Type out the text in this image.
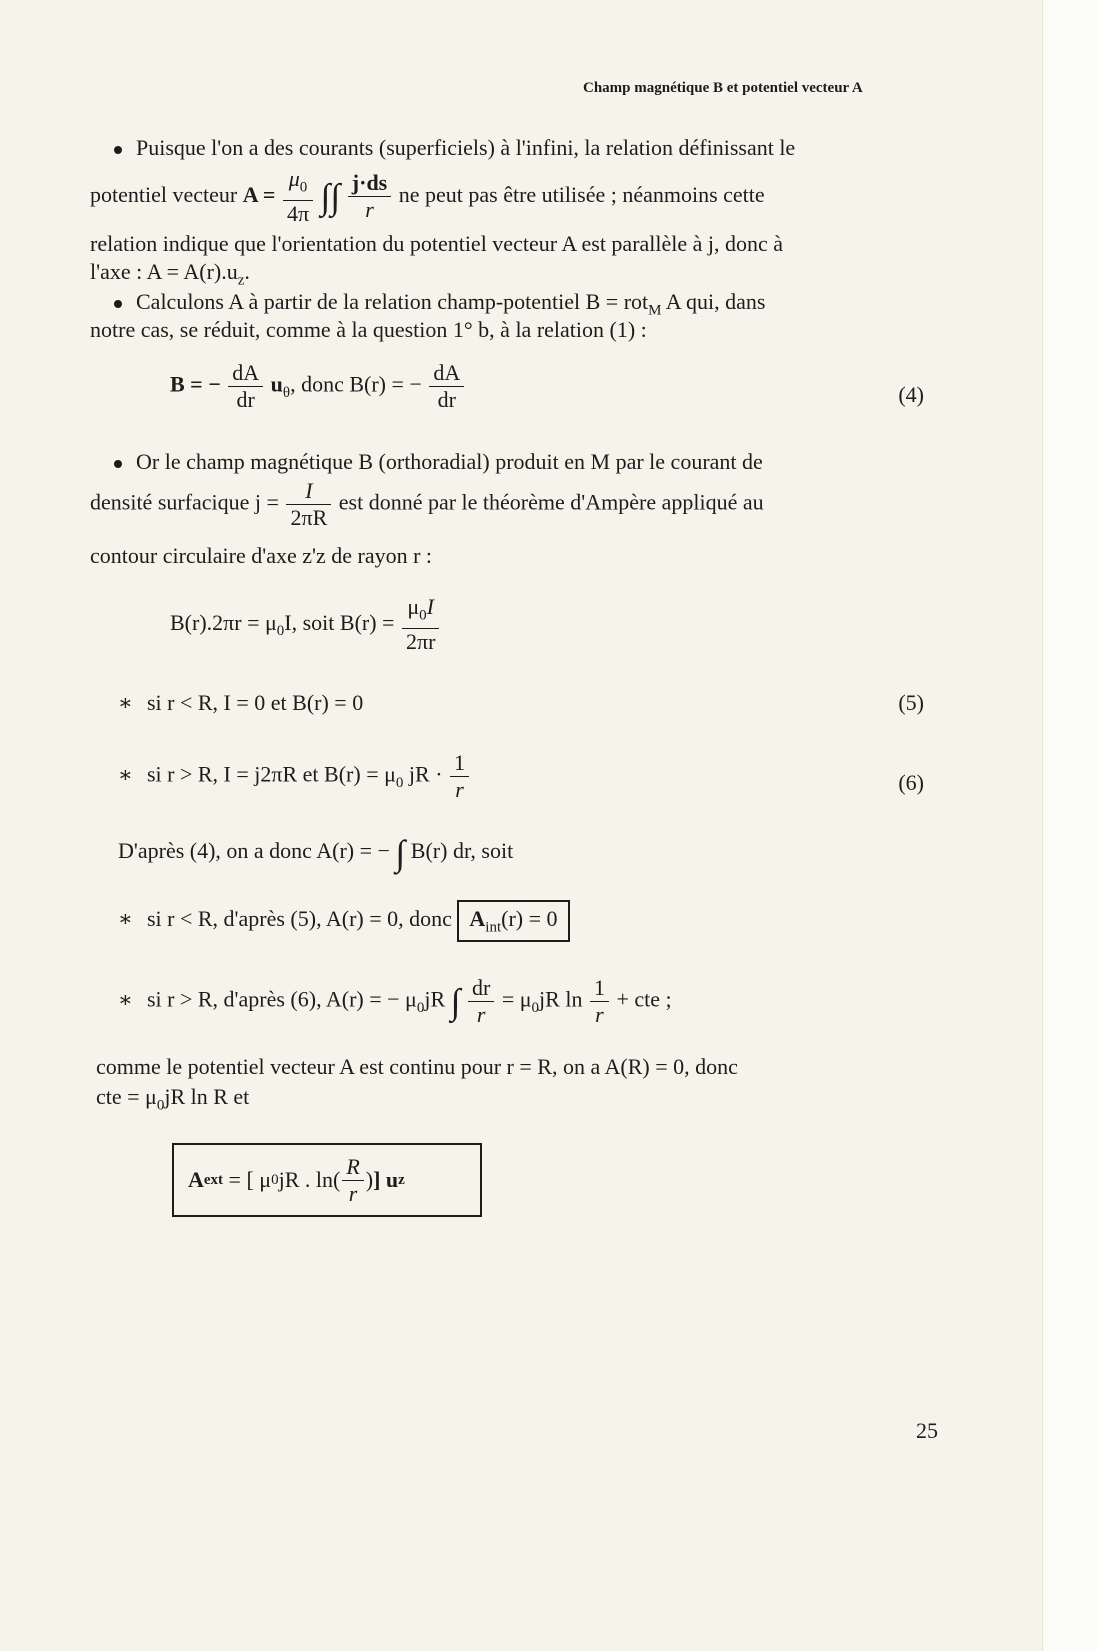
Champ magnétique B et potentiel vecteur A
Puisque l'on a des courants (superficiels) à l'infini, la relation définissant le
potentiel vecteur $A = \frac{\mu_0}{4\pi}$ ∫∫ $\frac{j\cdot ds}{r}$ ne peut pas être utilisée ; néanmoins cette
relation indique que l'orientation du potentiel vecteur A est parallèle à j, donc à
l'axe : $A = A(r).u_z$.
Calculons A à partir de la relation champ-potentiel B = rot$_M$ A qui, dans
notre cas, se réduit, comme à la question 1° b, à la relation (1) :
B = − $\frac{dA}{dr} u_\theta$, donc B(r) = − $\frac{dA}{dr}$	(4)
Or le champ magnétique B (orthoradial) produit en M par le courant de
densité surfacique $j = \frac{I}{2\pi R}$ est donné par le théorème d'Ampère appliqué au
contour circulaire d'axe z'z de rayon r :
$B(r).2\pi r = \mu_0I$, soit $B(r) = \frac{\mu_0I}{2\pi r}$
∗ si r < R, I = 0 et B(r) = 0	(5)
∗ si r > R, I = j2πR et $B(r) = \mu_0$ jR · $\frac{1}{r}$	(6)
D'après (4), on a donc A(r) = − ∫ B(r) dr, soit
∗ si r < R, d'après (5), A(r) = 0, donc $A_{int}(r) = 0$
∗ si r > R, d'après (6), A(r) = − $\mu_0jR$ ∫ $\frac{dr}{r} = \mu_0jR$ $\ln \frac{1}{r}$ + cte ;
comme le potentiel vecteur A est continu pour r = R, on a A(R) = 0, donc
cte = $\mu_0jR$ ln R et
A ext
= [ μ 0 jR . ln ( $\frac{R}{r}$ ) ] u z
25
